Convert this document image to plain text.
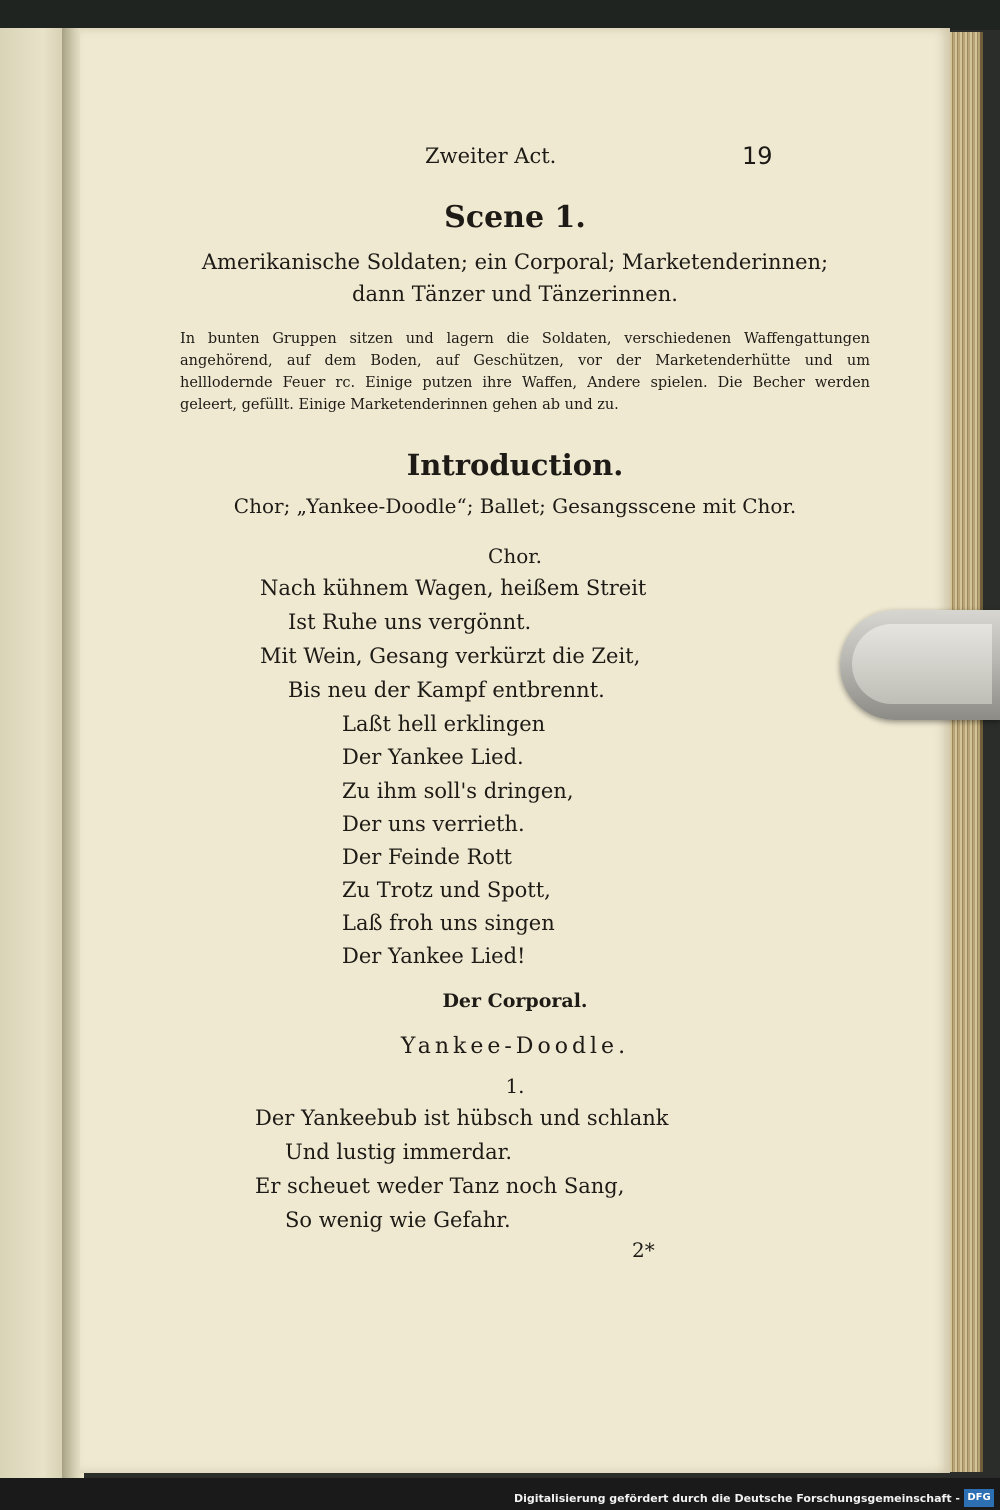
Zweiter Act.	19
Scene 1.
Amerikanische Soldaten; ein Corporal; Marketenderinnen;
dann Tänzer und Tänzerinnen.
In bunten Gruppen sitzen und lagern die Soldaten, verschiedenen Waffengattungen angehörend, auf dem Boden, auf Geschützen, vor der Marketenderhütte und um helllodernde Feuer rc. Einige putzen ihre Waffen, Andere spielen. Die Becher werden geleert, gefüllt. Einige Marketenderinnen gehen ab und zu.
Introduction.
Chor; „Yankee-Doodle“; Ballet; Gesangsscene mit Chor.
Chor.
Nach kühnem Wagen, heißem Streit
Ist Ruhe uns vergönnt.
Mit Wein, Gesang verkürzt die Zeit,
Bis neu der Kampf entbrennt.
Laßt hell erklingen
Der Yankee Lied.
Zu ihm soll's dringen,
Der uns verrieth.
Der Feinde Rott
Zu Trotz und Spott,
Laß froh uns singen
Der Yankee Lied!
Der Corporal.
Yankee-Doodle.
1.
Der Yankeebub ist hübsch und schlank
Und lustig immerdar.
Er scheuet weder Tanz noch Sang,
So wenig wie Gefahr.
2*
Digitalisierung gefördert durch die Deutsche Forschungsgemeinschaft - DFG
